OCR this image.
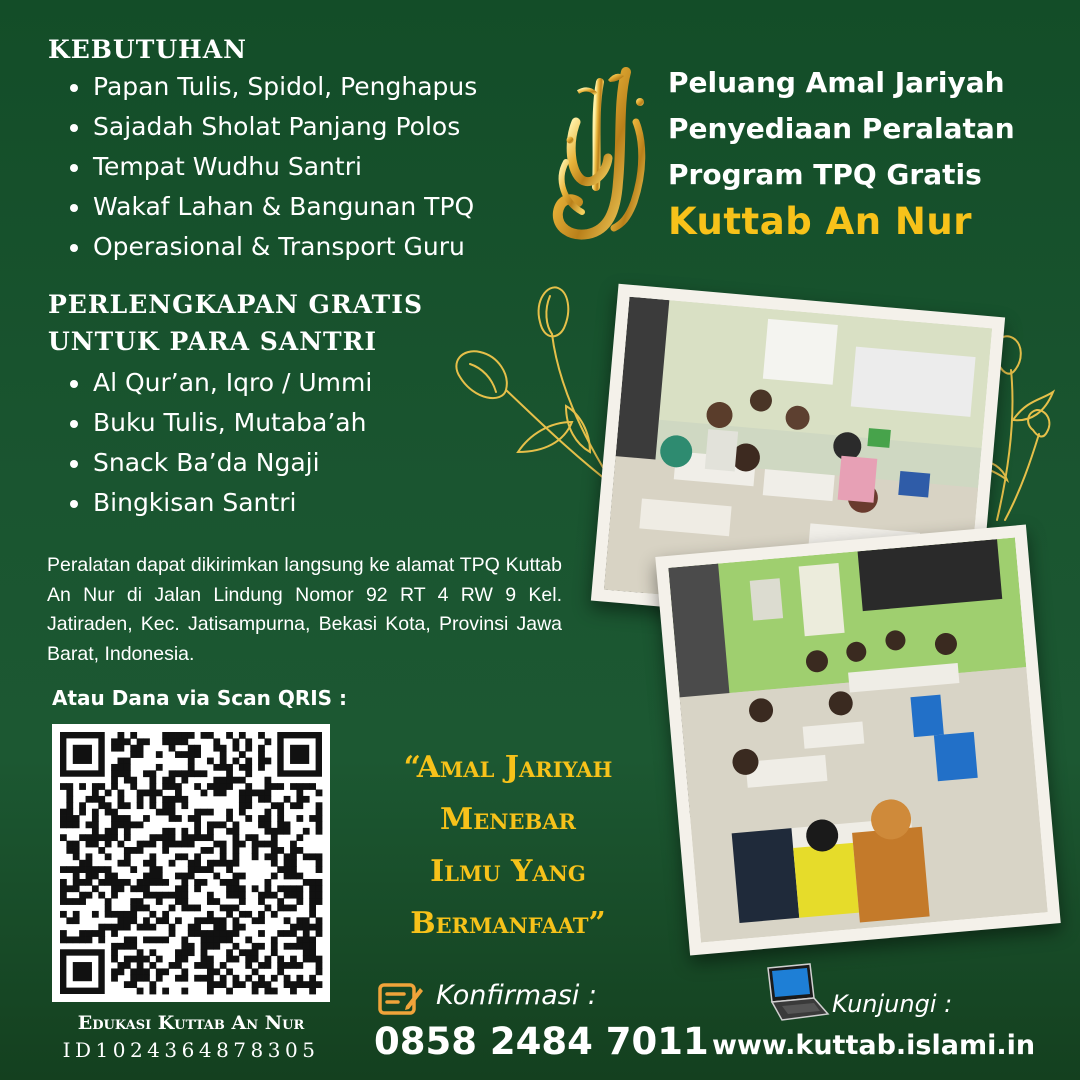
KEBUTUHAN
Papan Tulis, Spidol, Penghapus
Sajadah Sholat Panjang Polos
Tempat Wudhu Santri
Wakaf Lahan & Bangunan TPQ
Operasional & Transport Guru
PERLENGKAPAN GRATIS
UNTUK PARA SANTRI
Al Qur’an, Iqro / Ummi
Buku Tulis, Mutaba’ah
Snack Ba’da Ngaji
Bingkisan Santri
Peluang Amal Jariyah
Penyediaan Peralatan
Program TPQ Gratis
Kuttab An Nur
Peralatan dapat dikirimkan langsung ke alamat TPQ Kuttab An Nur di Jalan Lindung Nomor 92 RT 4 RW 9 Kel. Jatiraden, Kec. Jatisampurna, Bekasi Kota, Provinsi Jawa Barat, Indonesia.
Atau Dana via Scan QRIS :
Edukasi Kuttab An Nur
ID1024364878305
“Amal Jariyah
Menebar
Ilmu Yang
Bermanfaat”
Konfirmasi :
0858 2484 7011
Kunjungi :
www.kuttab.islami.in
